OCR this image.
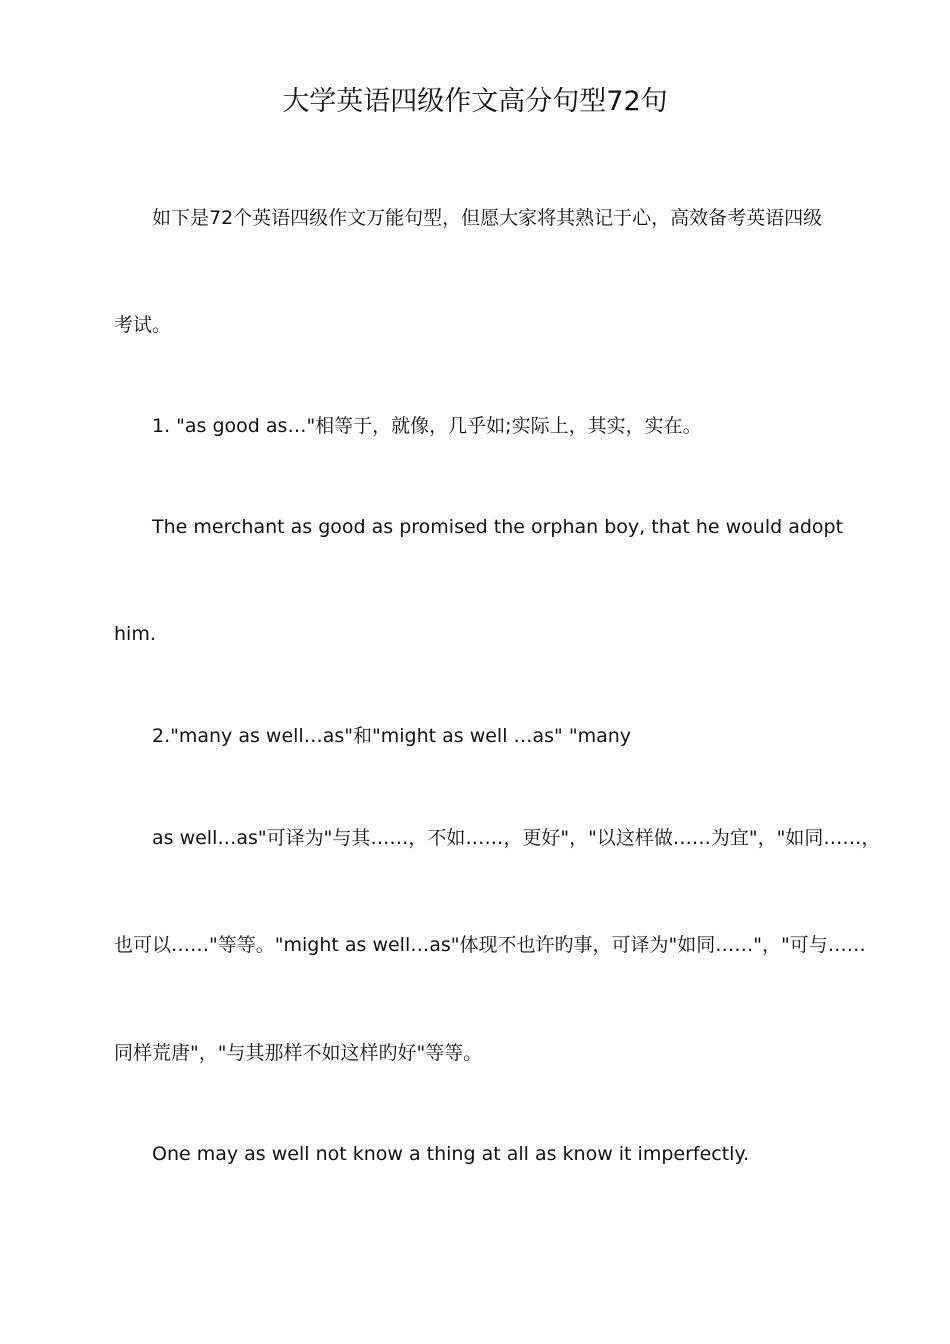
大学英语四级作文高分句型72句
如下是72个英语四级作文万能句型，但愿大家将其熟记于心，高效备考英语四级
考试。
1. "as good as…"相等于，就像，几乎如;实际上，其实，实在。
The merchant as good as promised the orphan boy, that he would adopt
him.
2."many as well…as"和"might as well …as" "many
as well…as"可译为"与其……，不如……，更好"，"以这样做……为宜"，"如同……，
也可以……"等等。"might as well…as"体现不也许旳事，可译为"如同……"，"可与……
同样荒唐"，"与其那样不如这样旳好"等等。
One may as well not know a thing at all as know it imperfectly.
